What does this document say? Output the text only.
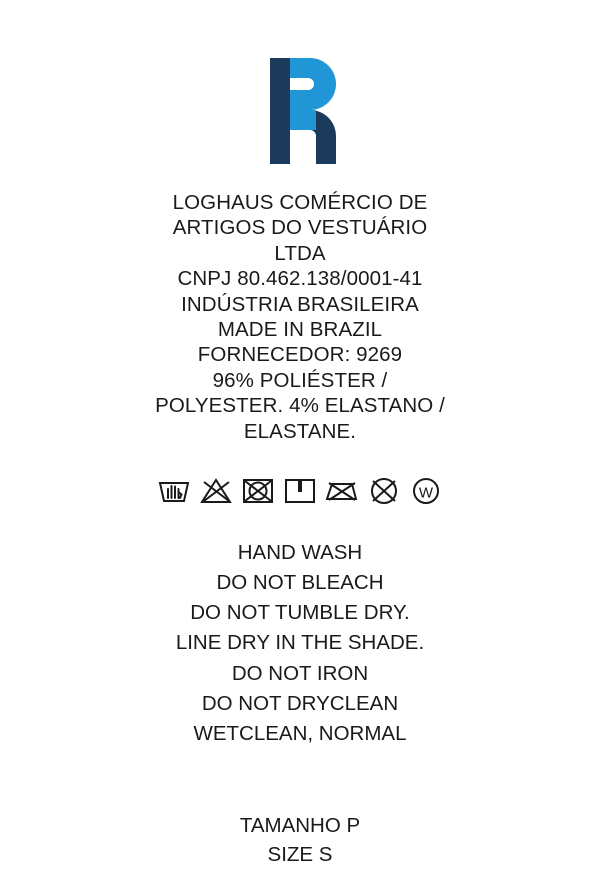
LOGHAUS COMÉRCIO DE
ARTIGOS DO VESTUÁRIO
LTDA
CNPJ 80.462.138/0001-41
INDÚSTRIA BRASILEIRA
MADE IN BRAZIL
FORNECEDOR: 9269
96% POLIÉSTER /
POLYESTER. 4% ELASTANO /
ELASTANE.
W
HAND WASH
DO NOT BLEACH
DO NOT TUMBLE DRY.
LINE DRY IN THE SHADE.
DO NOT IRON
DO NOT DRYCLEAN
WETCLEAN, NORMAL
TAMANHO P
SIZE S
